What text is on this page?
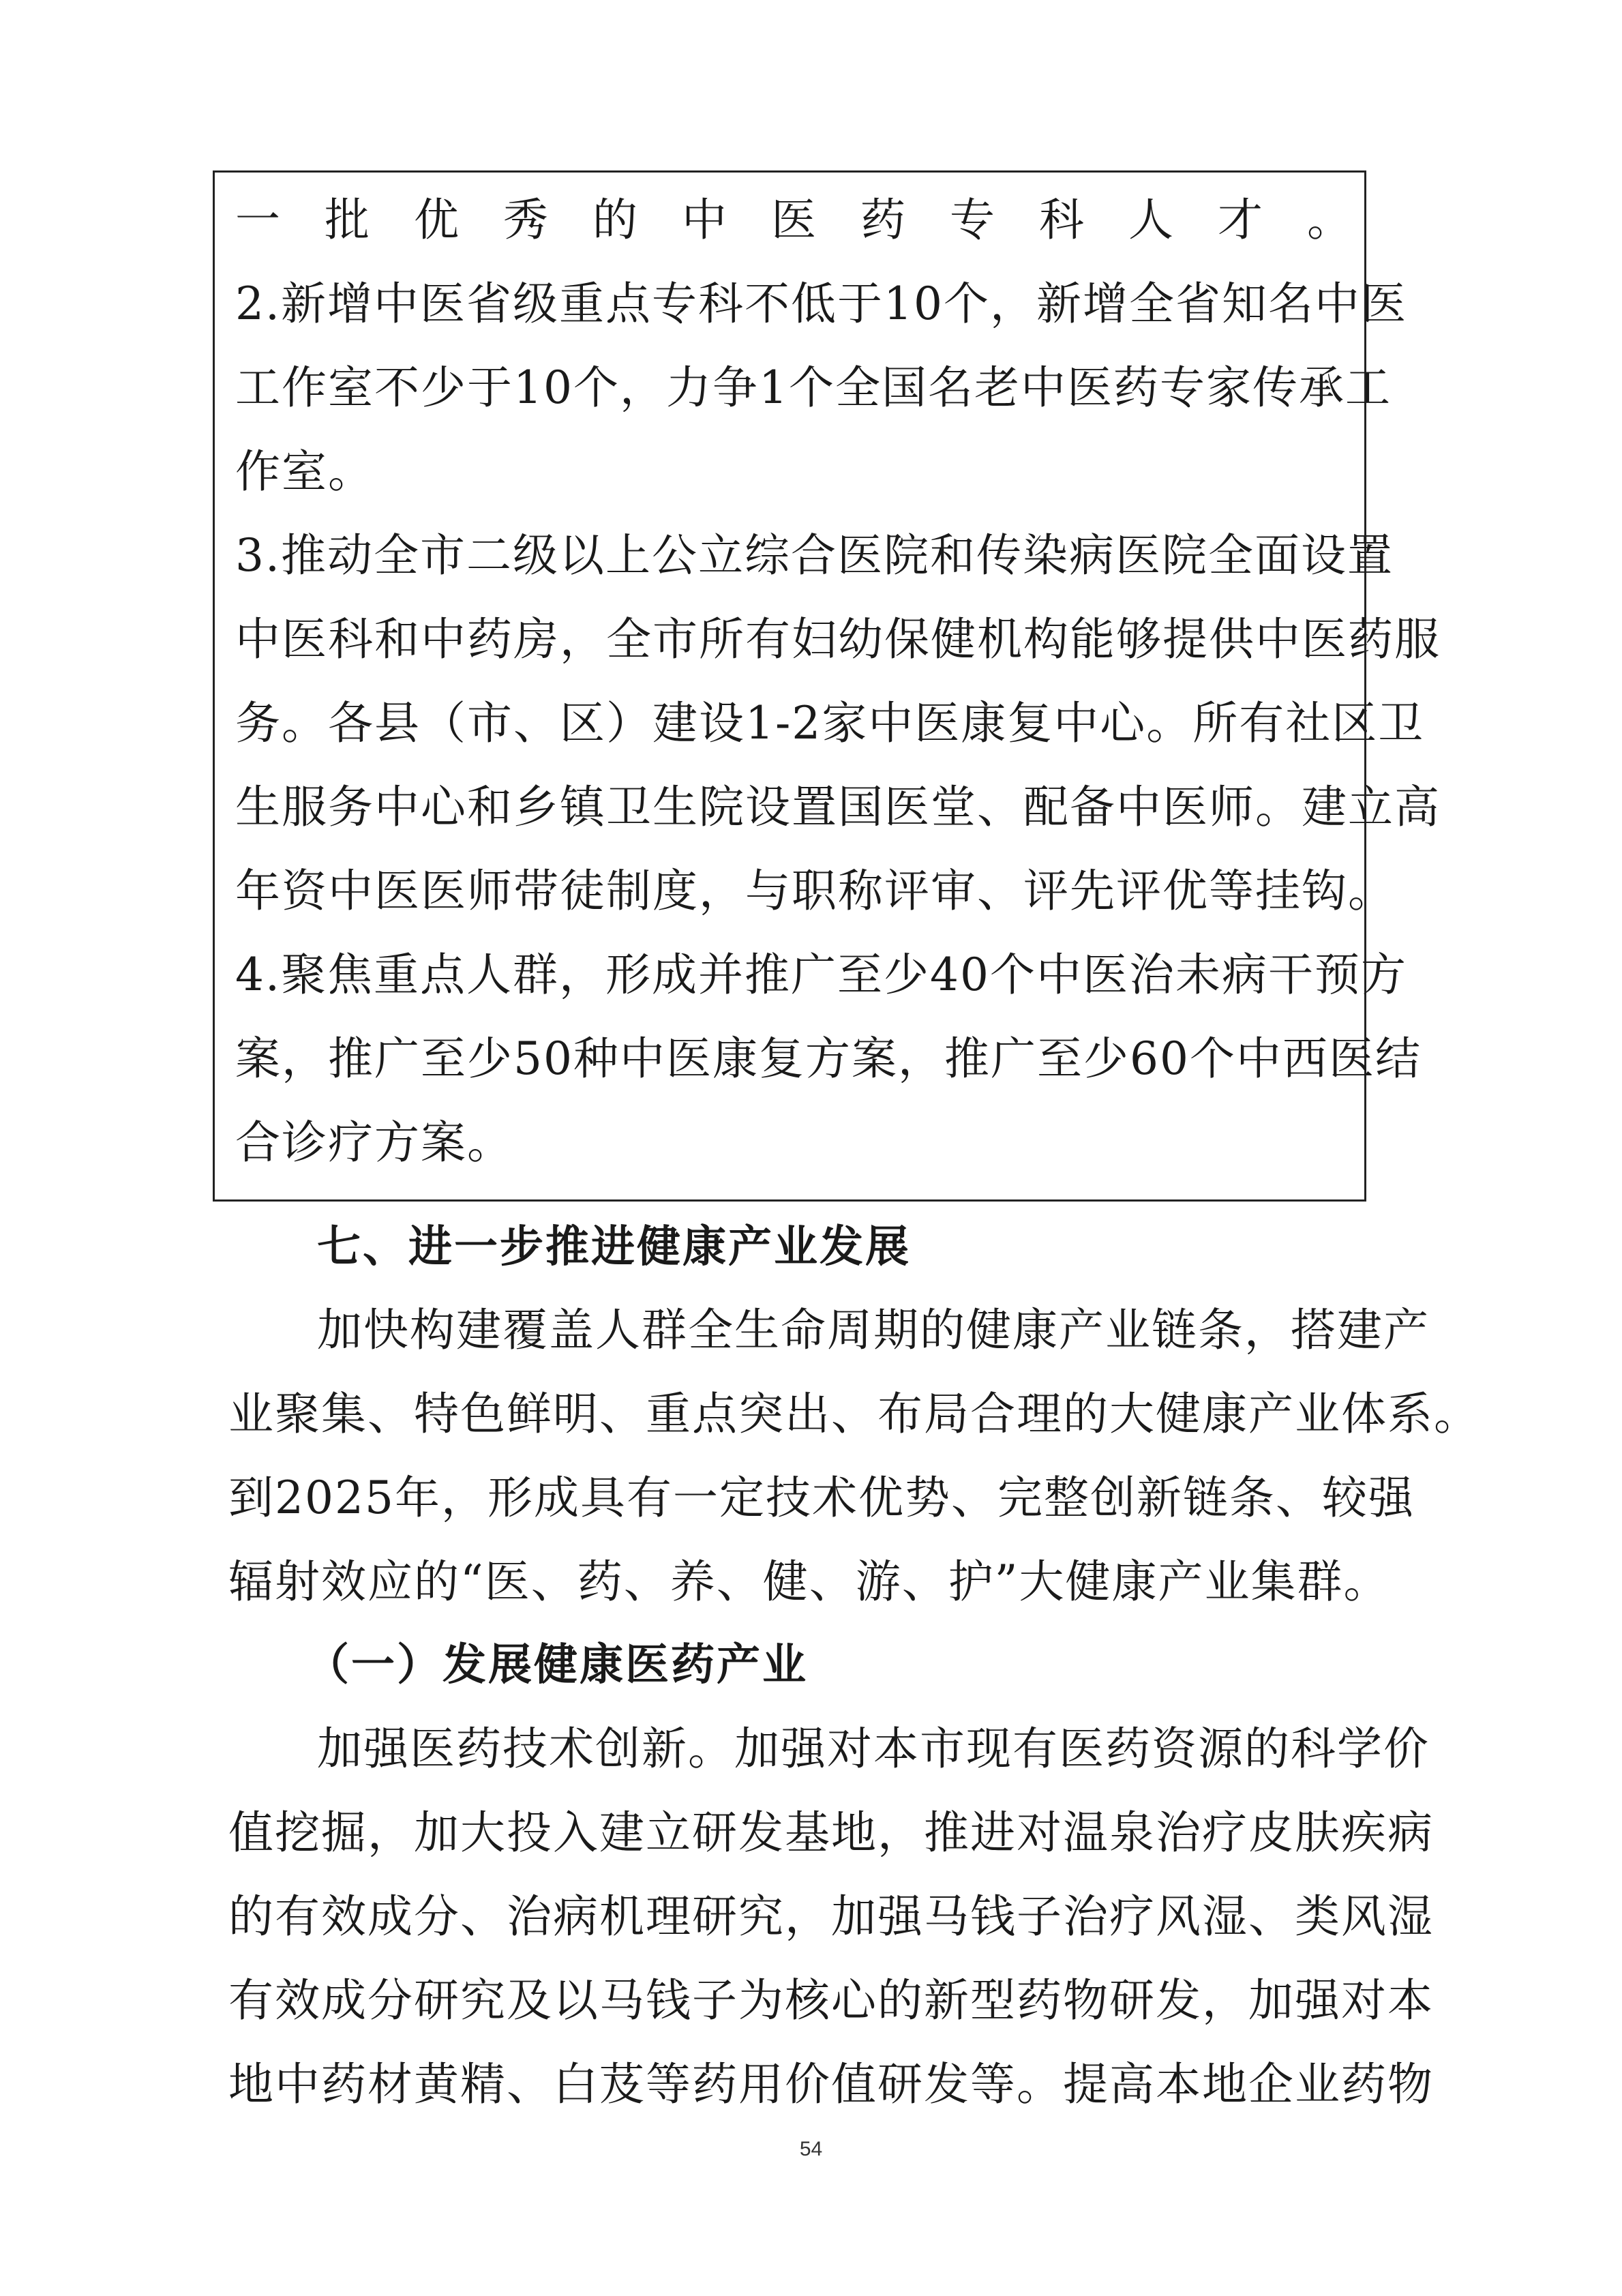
一批优秀的中医药专科人才。
2.新增中医省级重点专科不低于10个，新增全省知名中医
工作室不少于10个，力争1个全国名老中医药专家传承工
作室。
3.推动全市二级以上公立综合医院和传染病医院全面设置
中医科和中药房，全市所有妇幼保健机构能够提供中医药服
务。各县（市、区）建设1-2家中医康复中心。所有社区卫
生服务中心和乡镇卫生院设置国医堂、配备中医师。建立高
年资中医医师带徒制度，与职称评审、评先评优等挂钩。
4.聚焦重点人群，形成并推广至少40个中医治未病干预方
案，推广至少50种中医康复方案，推广至少60个中西医结
合诊疗方案。
七、进一步推进健康产业发展
加快构建覆盖人群全生命周期的健康产业链条，搭建产
业聚集、特色鲜明、重点突出、布局合理的大健康产业体系。
到2025年，形成具有一定技术优势、完整创新链条、较强
辐射效应的“医、药、养、健、游、护”大健康产业集群。
（一）发展健康医药产业
加强医药技术创新。加强对本市现有医药资源的科学价
值挖掘，加大投入建立研发基地，推进对温泉治疗皮肤疾病
的有效成分、治病机理研究，加强马钱子治疗风湿、类风湿
有效成分研究及以马钱子为核心的新型药物研发，加强对本
地中药材黄精、白芨等药用价值研发等。提高本地企业药物
54
